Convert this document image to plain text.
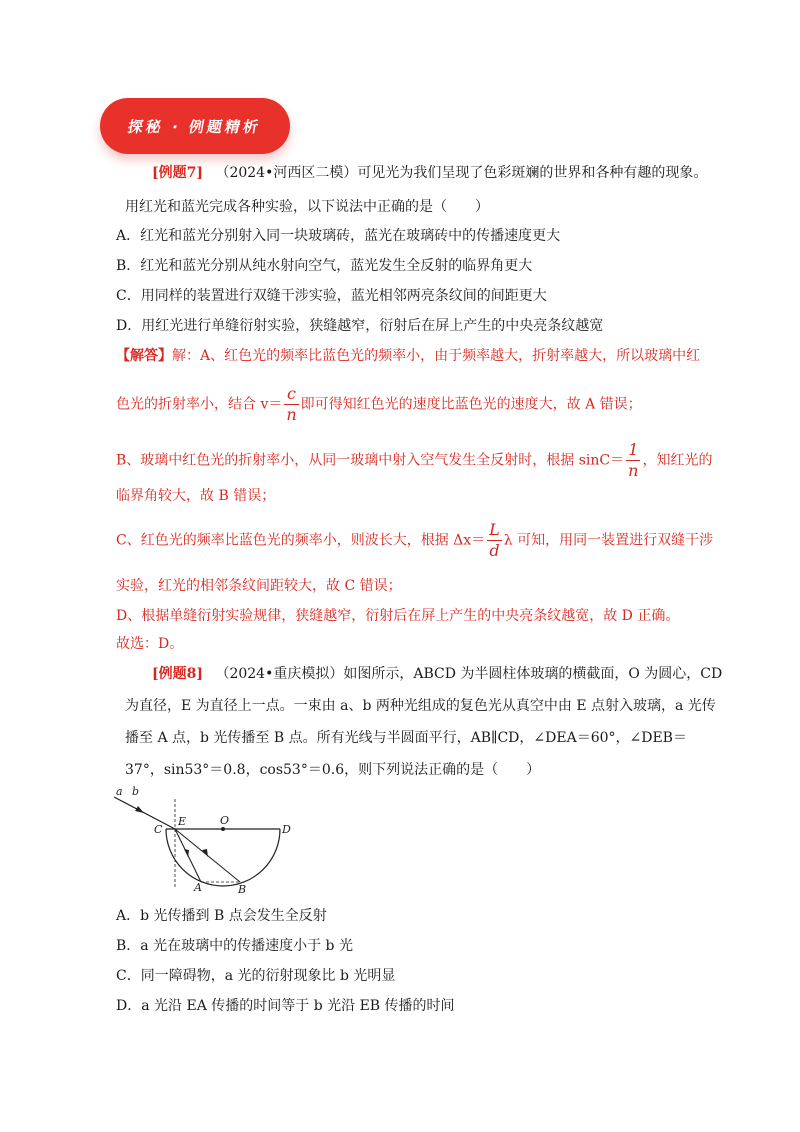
探秘 · 例题精析
[例题7] （2024•河西区二模）可见光为我们呈现了色彩斑斓的世界和各种有趣的现象。
用红光和蓝光完成各种实验，以下说法中正确的是（　　）
A．红光和蓝光分别射入同一块玻璃砖，蓝光在玻璃砖中的传播速度更大
B．红光和蓝光分别从纯水射向空气，蓝光发生全反射的临界角更大
C．用同样的装置进行双缝干涉实验，蓝光相邻两亮条纹间的间距更大
D．用红光进行单缝衍射实验，狭缝越窄，衍射后在屏上产生的中央亮条纹越宽
【解答】解：A、红色光的频率比蓝色光的频率小，由于频率越大，折射率越大，所以玻璃中红
色光的折射率小，结合 $v= \frac{c}{n}$ 即可得知红色光的速度比蓝色光的速度大，故 A 错误；
B、玻璃中红色光的折射率小，从同一玻璃中射入空气发生全反射时，根据 $\sin C= \frac{1}{n}$ ，知红光的
临界角较大，故 B 错误；
C、红色光的频率比蓝色光的频率小，则波长大，根据 $\Delta x= \frac{L}{d}$ λ 可知，用同一装置进行双缝干涉
实验，红光的相邻条纹间距较大，故 C 错误；
D、根据单缝衍射实验规律，狭缝越窄，衍射后在屏上产生的中央亮条纹越宽，故 D 正确。
故选：D。
[例题8] （2024•重庆模拟）如图所示，ABCD 为半圆柱体玻璃的横截面，O 为圆心，CD
为直径，E 为直径上一点。一束由 a、b 两种光组成的复色光从真空中由 E 点射入玻璃，a 光传
播至 A 点，b 光传播至 B 点。所有光线与半圆面平行，AB∥CD，∠DEA＝60°，∠DEB＝
37°，sin53°＝0.8，cos53°＝0.6，则下列说法正确的是（　　）
a b
C
E	O
D
A	B
A．b 光传播到 B 点会发生全反射
B．a 光在玻璃中的传播速度小于 b 光
C．同一障碍物，a 光的衍射现象比 b 光明显
D．a 光沿 EA 传播的时间等于 b 光沿 EB 传播的时间
